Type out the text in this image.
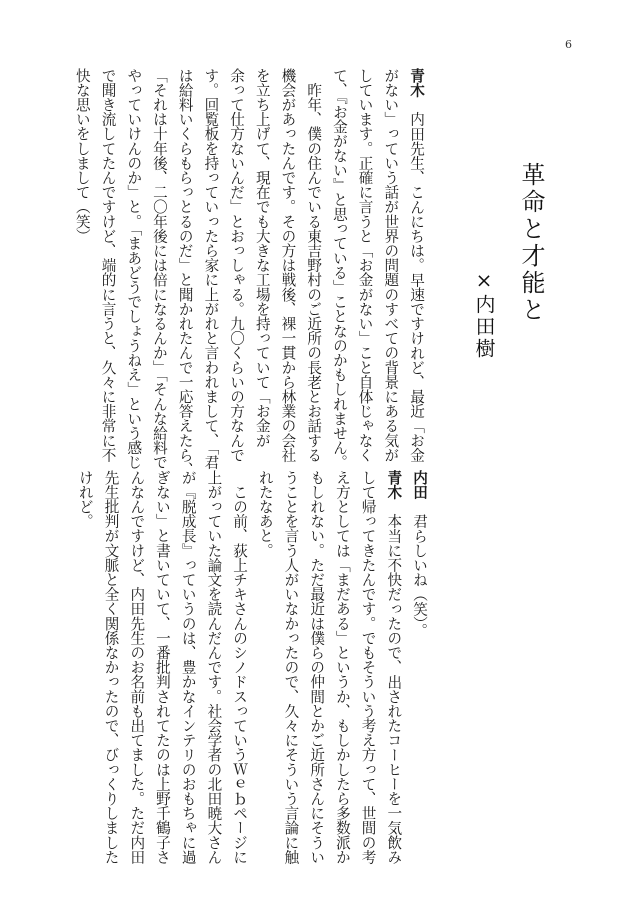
6
革命と才能と
×内田樹
青木　内田先生、こんにちは。早速ですけれど、最近「お金
がない」っていう話が世界の問題のすべての背景にある気が
しています。正確に言うと「お金がない」こと自体じゃなく
て、『お金がない』と思っている」ことなのかもしれません。
　昨年、僕の住んでいる東吉野村のご近所の長老とお話する
機会があったんです。その方は戦後、裸一貫から林業の会社
を立ち上げて、現在でも大きな工場を持っていて「お金が
余って仕方ないんだ」とおっしゃる。九〇くらいの方なんで
す。回覧板を持っていったら家に上がれと言われまして、「君
は給料いくらもらっとるのだ」と聞かれたんで一応答えたら、
「それは十年後、二〇年後には倍になるんか」「そんな給料で
やっていけんのか」と。「まあどうでしょうねえ」という感じ
で聞き流してたんですけど、端的に言うと、久々に非常に不
快な思いをしまして（笑）
内田　君らしいね（笑）。
青木　本当に不快だったので、出されたコーヒーを一気飲み
して帰ってきたんです。でもそういう考え方って、世間の考
え方としては「まだある」というか、もしかしたら多数派か
もしれない。ただ最近は僕らの仲間とかご近所さんにそうい
うことを言う人がいなかったので、久々にそういう言論に触
れたなあと。
　この前、荻上チキさんのシノドスっていうＷｅｂページに
上がっていた論文を読んだんです。社会学者の北田暁大さん
が『脱成長』っていうのは、豊かなインテリのおもちゃに過
ぎない」と書いていて、一番批判されてたのは上野千鶴子さ
んなんですけど、内田先生のお名前も出てました。ただ内田
先生批判が文脈と全く関係なかったので、びっくりしました
けれど。
